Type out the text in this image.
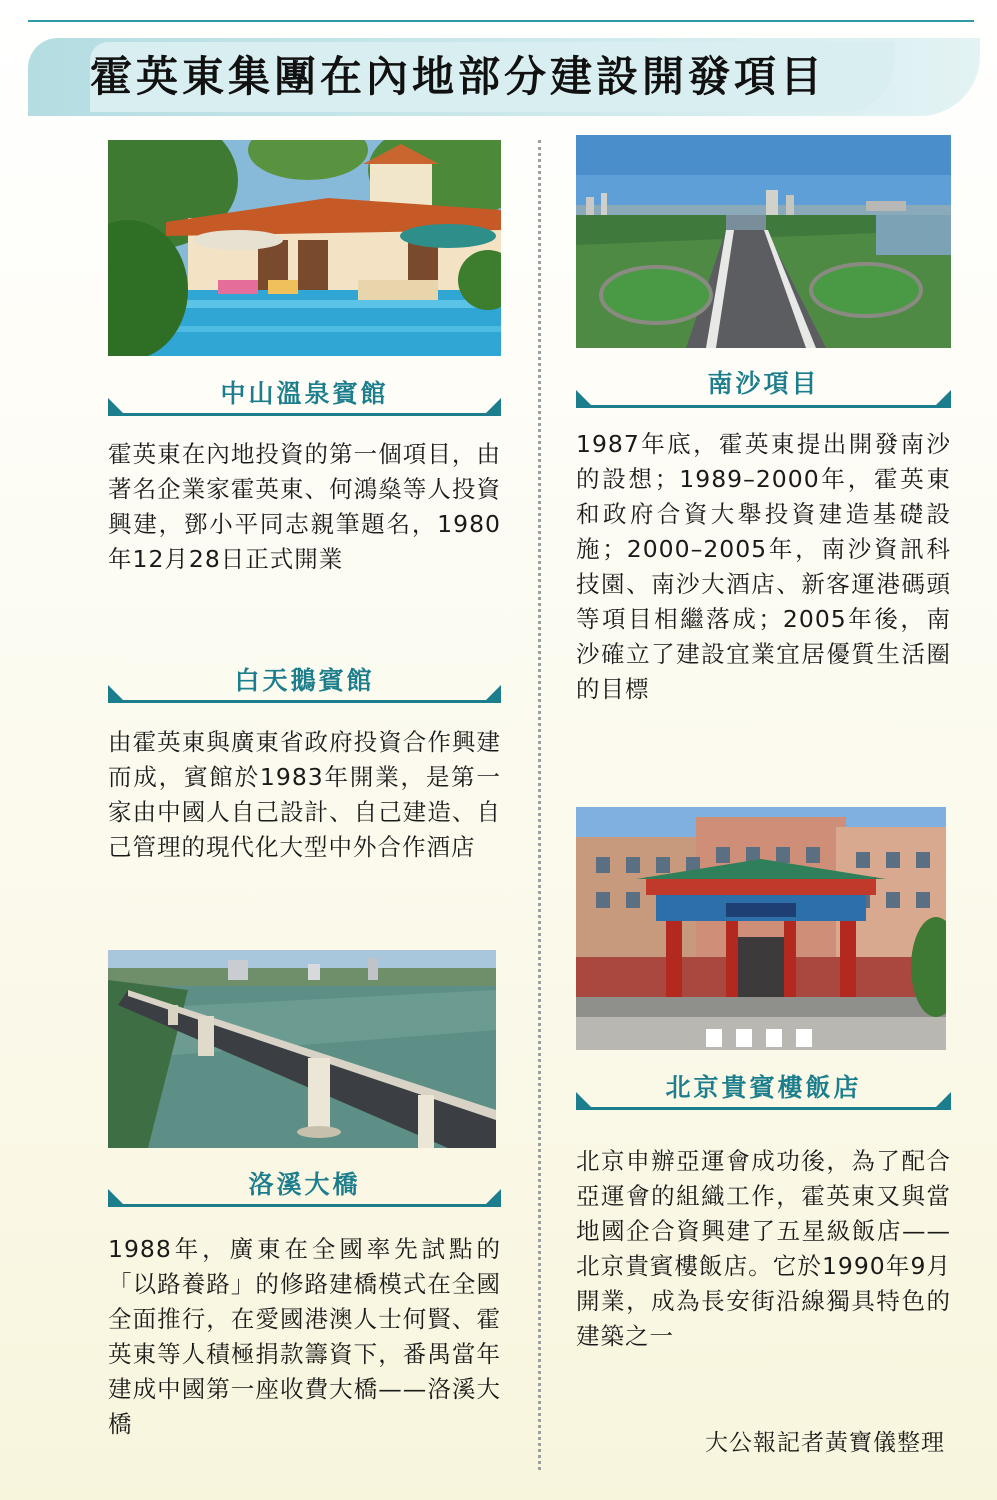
霍英東集團在內地部分建設開發項目
中山溫泉賓館

霍英東在內地投資的第一個項目，由著名企業家霍英東、何鴻燊等人投資興建，鄧小平同志親筆題名，1980年12月28日正式開業

白天鵝賓館

由霍英東與廣東省政府投資合作興建而成，賓館於1983年開業，是第一家由中國人自己設計、自己建造、自己管理的現代化大型中外合作酒店

洛溪大橋

1988年，廣東在全國率先試點的「以路養路」的修路建橋模式在全國全面推行，在愛國港澳人士何賢、霍英東等人積極捐款籌資下，番禺當年建成中國第一座收費大橋——洛溪大橋

南沙項目

1987年底，霍英東提出開發南沙的設想；1989–2000年，霍英東和政府合資大舉投資建造基礎設施；2000–2005年，南沙資訊科技園、南沙大酒店、新客運港碼頭等項目相繼落成；2005年後，南沙確立了建設宜業宜居優質生活圈的目標

北京貴賓樓飯店

北京申辦亞運會成功後，為了配合亞運會的組織工作，霍英東又與當地國企合資興建了五星級飯店——北京貴賓樓飯店。它於1990年9月開業，成為長安街沿線獨具特色的建築之一

大公報記者黃寶儀整理
